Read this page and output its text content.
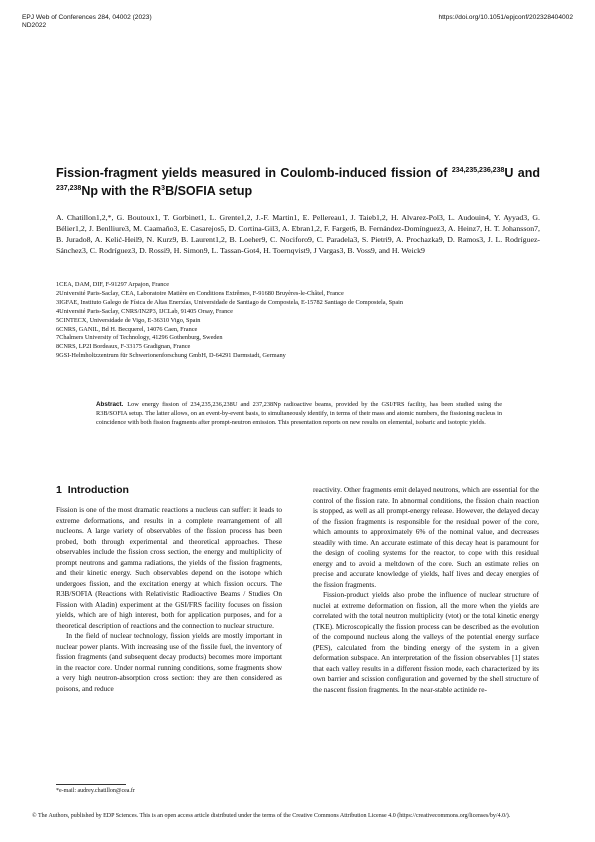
EPJ Web of Conferences 284, 04002 (2023)
ND2022
https://doi.org/10.1051/epjconf/202328404002
Fission-fragment yields measured in Coulomb-induced fission of $^{234,235,236,238}$U and $^{237,238}$Np with the $R^3B$/SOFIA setup
A. Chatillon1,2,*, G. Boutoux1, T. Gorbinet1, L. Grente1,2, J.-F. Martin1, E. Pellereau1, J. Taieb1,2, H. Alvarez-Pol3, L. Audouin4, Y. Ayyad3, G. Bélier1,2, J. Benlliure3, M. Caamaño3, E. Casarejos5, D. Cortina-Gil3, A. Ebran1,2, F. Farget6, B. Fernández-Domínguez3, A. Heinz7, H. T. Johansson7, B. Jurado8, A. Kelić-Heil9, N. Kurz9, B. Laurent1,2, B. Loeher9, C. Nociforo9, C. Paradela3, S. Pietri9, A. Prochazka9, D. Ramos3, J. L. Rodríguez-Sánchez3, C. Rodríguez3, D. Rossi9, H. Simon9, L. Tassan-Got4, H. Toernqvist9, J Vargas3, B. Voss9, and H. Weick9
1CEA, DAM, DIF, F-91297 Arpajon, France
2Université Paris-Saclay, CEA, Laboratoire Matière en Conditions Extrêmes, F-91680 Bruyères-le-Châtel, France
3IGFAE, Instituto Galego de Física de Altas Enerxías, Universidade de Santiago de Compostela, E-15782 Santiago de Compostela, Spain
4Université Paris-Saclay, CNRS/IN2P3, IJCLab, 91405 Orsay, France
5CINTECX, Universidade de Vigo, E-36310 Vigo, Spain
6CNRS, GANIL, Bd H. Becquerel, 14076 Caen, France
7Chalmers University of Technology, 41296 Gothenburg, Sweden
8CNRS, LP2I Bordeaux, F-33175 Gradignan, France
9GSI-Helmholtzzentrum für Schwerionenforschung GmbH, D-64291 Darmstadt, Germany
Abstract. Low energy fission of 234,235,236,238U and 237,238Np radioactive beams, provided by the GSI/FRS facility, has been studied using the R3B/SOFIA setup. The latter allows, on an event-by-event basis, to simultaneously identify, in terms of their mass and atomic numbers, the fissioning nucleus in coincidence with both fission fragments after prompt-neutron emission. This presentation reports on new results on elemental, isobaric and isotopic yields.
1 Introduction

Fission is one of the most dramatic reactions a nucleus can suffer: it leads to extreme deformations, and results in a complete rearrangement of all nucleons. A large variety of observables of the fission process has been probed, both through experimental and theoretical approaches. These observables include the fission cross section, the energy and multiplicity of prompt neutrons and gamma radiations, the yields of the fission fragments, and their kinetic energy. Such observables depend on the isotope which undergoes fission, and the excitation energy at which fission occurs. The R3B/SOFIA (Reactions with Relativistic Radioactive Beams / Studies On Fission with Aladin) experiment at the GSI/FRS facility focuses on fission yields, which are of high interest, both for application purposes, and for a theoretical description of reactions and the connection to nuclear structure.

In the field of nuclear technology, fission yields are mostly important in nuclear power plants. With increasing use of the fissile fuel, the inventory of fission fragments (and subsequent decay products) becomes more important in the reactor core. Under normal running conditions, some fragments show a very high neutron-absorption cross section: they are then considered as poisons, and reduce

reactivity. Other fragments emit delayed neutrons, which are essential for the control of the fission rate. In abnormal conditions, the fission chain reaction is stopped, as well as all prompt-energy release. However, the delayed decay of the fission fragments is responsible for the residual power of the core, which amounts to approximately 6% of the nominal value, and decreases steadily with time. An accurate estimate of this decay heat is paramount for the design of cooling systems for the reactor, to cope with this residual energy and to avoid a meltdown of the core. Such an estimate relies on precise and accurate knowledge of yields, half lives and decay energies of the fission fragments.

Fission-product yields also probe the influence of nuclear structure of nuclei at extreme deformation on fission, all the more when the yields are correlated with the total neutron multiplicity (νtot) or the total kinetic energy (TKE). Microscopically the fission process can be described as the evolution of the compound nucleus along the valleys of the potential energy surface (PES), calculated from the binding energy of the system in a given deformation subspace. An interpretation of the fission observables [1] states that each valley results in a different fission mode, each characterized by its own barrier and scission configuration and governed by the shell structure of the nascent fission fragments. In the near-stable actinide re-

*e-mail: audrey.chatillon@cea.fr
© The Authors, published by EDP Sciences. This is an open access article distributed under the terms of the Creative Commons Attribution License 4.0 (https://creativecommons.org/licenses/by/4.0/).
